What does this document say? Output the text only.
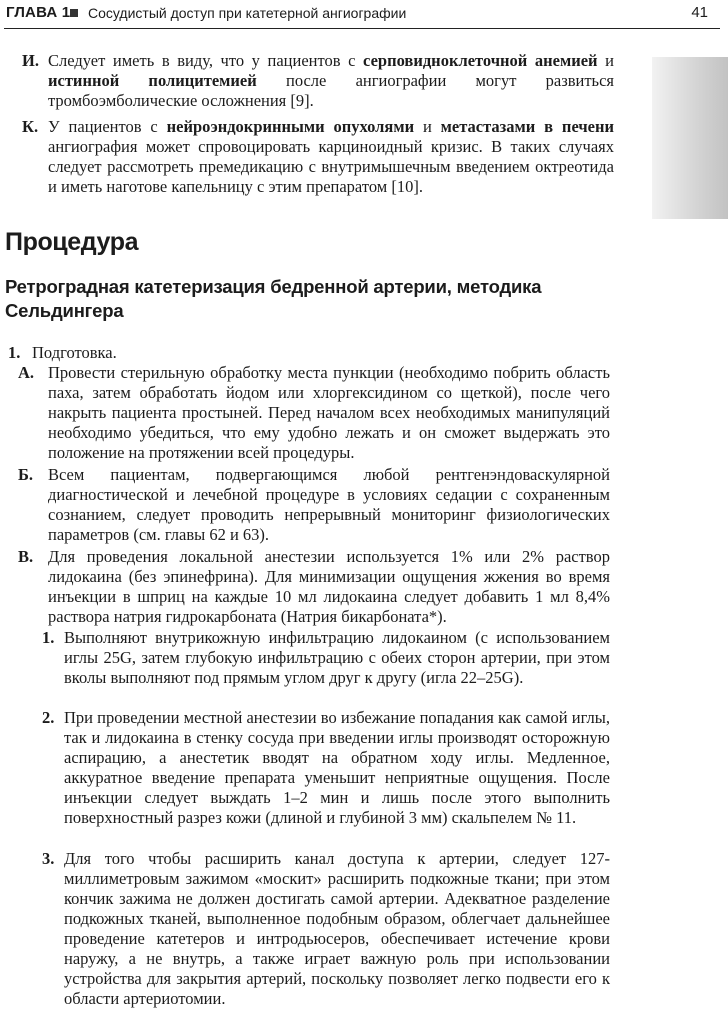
ГЛАВА 1 Сосудистый доступ при катетерной ангиографии	41
И. Следует иметь в виду, что у пациентов с серповидноклеточной анемией и истинной полицитемией после ангиографии могут развиться тромбоэмболические осложнения [9].
К. У пациентов с нейроэндокринными опухолями и метастазами в печени ангиография может спровоцировать карциноидный кризис. В таких случаях следует рассмотреть премедикацию с внутримышечным введением октреотида и иметь наготове капельницу с этим препаратом [10].
Процедура
Ретроградная катетеризация бедренной артерии, методика Сельдингера
1. Подготовка.
А. Провести стерильную обработку места пункции (необходимо побрить область паха, затем обработать йодом или хлоргексидином со щеткой), после чего накрыть пациента простыней. Перед началом всех необходимых манипуляций необходимо убедиться, что ему удобно лежать и он сможет выдержать это положение на протяжении всей процедуры.
Б. Всем пациентам, подвергающимся любой рентгенэндоваскулярной диагностической и лечебной процедуре в условиях седации с сохраненным сознанием, следует проводить непрерывный мониторинг физиологических параметров (см. главы 62 и 63).
В. Для проведения локальной анестезии используется 1% или 2% раствор лидокаина (без эпинефрина). Для минимизации ощущения жжения во время инъекции в шприц на каждые 10 мл лидокаина следует добавить 1 мл 8,4% раствора натрия гидрокарбоната (Натрия бикарбоната*).
1. Выполняют внутрикожную инфильтрацию лидокаином (с использованием иглы 25G, затем глубокую инфильтрацию с обеих сторон артерии, при этом вколы выполняют под прямым углом друг к другу (игла 22–25G).
2. При проведении местной анестезии во избежание попадания как самой иглы, так и лидокаина в стенку сосуда при введении иглы производят осторожную аспирацию, а анестетик вводят на обратном ходу иглы. Медленное, аккуратное введение препарата уменьшит неприятные ощущения. После инъекции следует выждать 1–2 мин и лишь после этого выполнить поверхностный разрез кожи (длиной и глубиной 3 мм) скальпелем № 11.
3. Для того чтобы расширить канал доступа к артерии, следует 127-миллиметровым зажимом «москит» расширить подкожные ткани; при этом кончик зажима не должен достигать самой артерии. Адекватное разделение подкожных тканей, выполненное подобным образом, облегчает дальнейшее проведение катетеров и интродьюсеров, обеспечивает истечение крови наружу, а не внутрь, а также играет важную роль при использовании устройства для закрытия артерий, поскольку позволяет легко подвести его к области артериотомии.
